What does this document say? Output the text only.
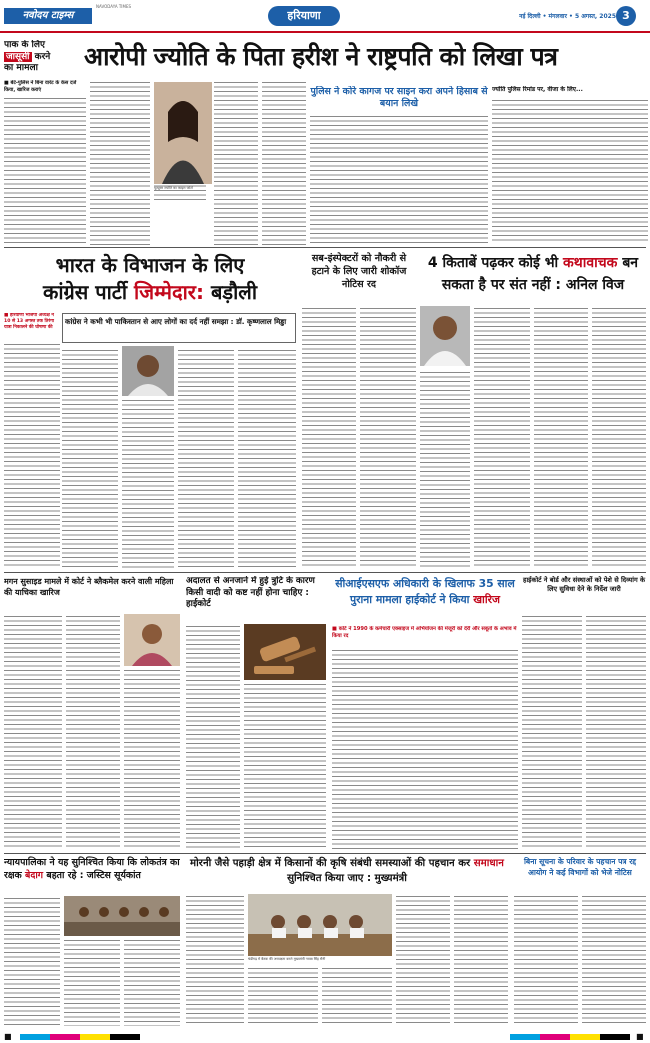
नवोदय टाइम्स
NAVODAYA TIMES
हरियाणा	नई दिल्ली • मंगलवार • 5 अगस्त, 2025 3
पाक के लिए
जासूसी करने
का मामला
■ बेटे-पुलिस ने बिना वारंट के केस दर्ज किया, खारिज कराएं
आरोपी ज्योति के पिता हरीश ने राष्ट्रपति को लिखा पत्र
यूट्यूबर ज्योति का फाइल फोटो
पुलिस ने कोरे कागज पर साइन करा अपने हिसाब से बयान लिखे
ज्योति पुलिस रिमांड पर, वीजा के लिए...
भारत के विभाजन के लिए
कांग्रेस पार्टी जिम्मेदार: बड़ौली
■ हरियाणा भाजपा अध्यक्ष ने 10 से 13 अगस्त तक तिरंगा यात्रा निकालने की घोषणा की
कांग्रेस ने कभी भी पाकिस्तान से आए लोगों का दर्द नहीं समझा : डॉ. कृष्णलाल मिड्ढा
सब-इंस्पेक्टरों को नौकरी से हटाने के लिए जारी शोकॉज नोटिस रद
4 किताबें पढ़कर कोई भी कथावाचक बन सकता है पर संत नहीं : अनिल विज
मगन सुसाइड मामले में कोर्ट ने ब्लैकमेल करने वाली महिला की याचिका खारिज
अदालत से अनजाने में हुई त्रुटि के कारण किसी वादी को कष्ट नहीं होना चाहिए : हाईकोर्ट
सीआईएसएफ अधिकारी के खिलाफ 35 साल पुराना मामला हाईकोर्ट ने किया खारिज
■ कोर्ट ने 1990 के कर्मचारी एक्साइज में अभियोजन की मंजूरी को देरी और सबूतों के अभाव में किया रद
हाईकोर्ट ने बोर्ड और संस्थाओं को पेशे से दिव्यांग के लिए सुविधा देने के निर्देश जारी
न्यायपालिका ने यह सुनिश्चित किया कि लोकतंत्र का रक्षक बेदाग बहता रहे : जस्टिस सूर्यकांत
मोरनी जैसे पहाड़ी क्षेत्र में किसानों की कृषि संबंधी समस्याओं की पहचान कर समाधान सुनिश्चित किया जाए : मुख्यमंत्री
चंडीगढ़ में बैठक की अध्यक्षता करते मुख्यमंत्री नायब सिंह सैनी
बिना सूचना के परिवार के पहचान पत्र रद्द आयोग ने कई विभागों को भेजे नोटिस
■	■
